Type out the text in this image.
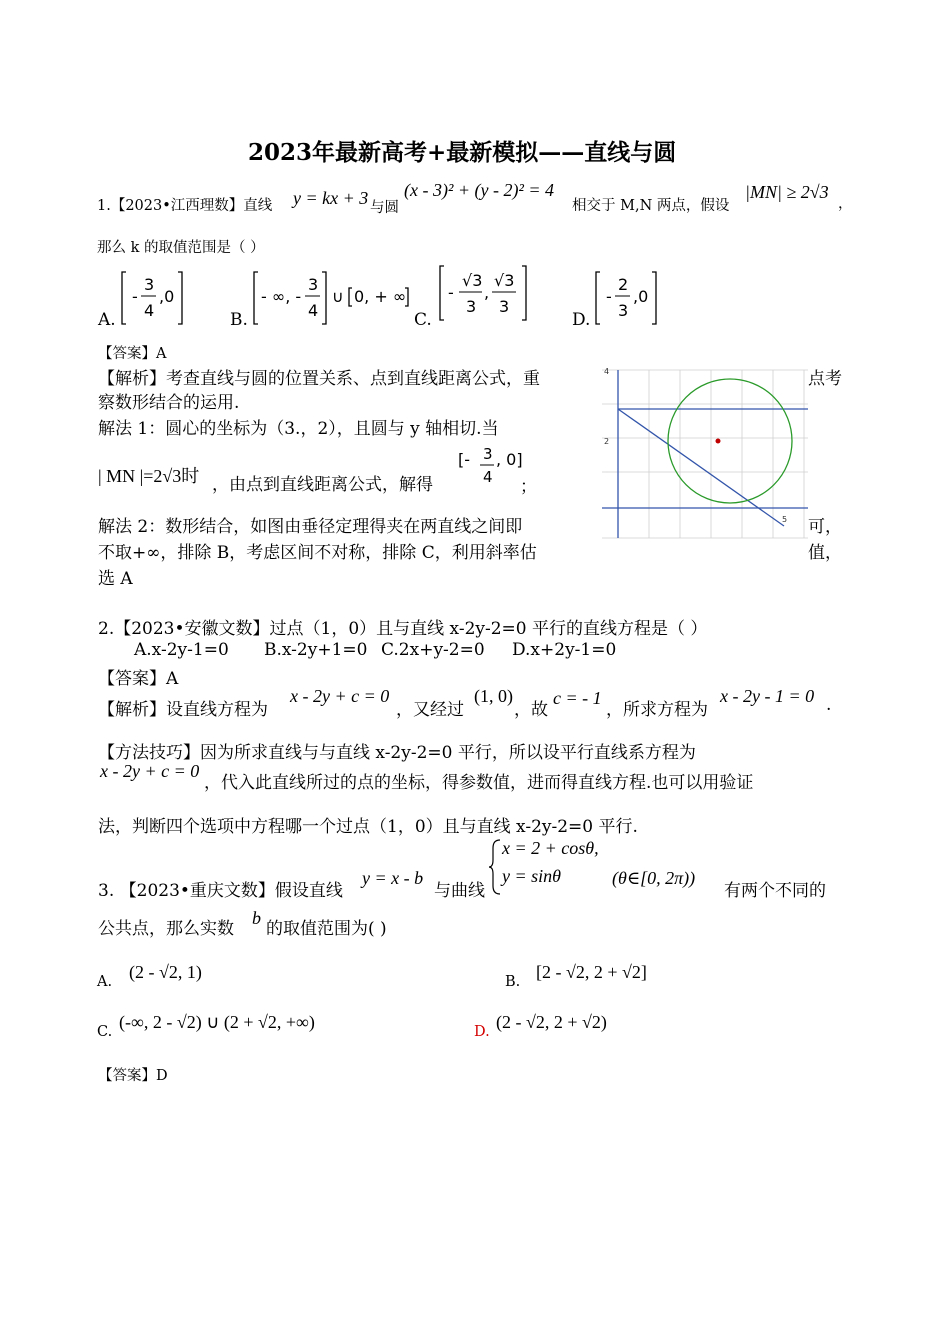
2023年最新高考+最新模拟——直线与圆
1.【2023•江西理数】直线 y = kx + 3 与圆
(x - 3)² + (y - 2)² = 4
相交于 M,N 两点，假设
|MN| ≥ 2√3
，
那么 k 的取值范围是（ ）
A.
-
3
4
,0
B.
- ∞, -
3
4
∪ 0, + ∞
C.
-
√3
3
,
√3
3
D.
-
2
3
,0
【答案】A
【解析】考查直线与圆的位置关系、点到直线距离公式，重	点考
察数形结合的运用.
解法 1：圆心的坐标为（3.，2），且圆与 y 轴相切.当
| MN |=2√3时 ，由点到直线距离公式，解得
[- 3
4
, 0]
；
解法 2：数形结合，如图由垂径定理得夹在两直线之间即	可，
不取+∞，排除 B，考虑区间不对称，排除 C，利用斜率估	值，
选 A
4
2
5
2.【2023•安徽文数】过点（1，0）且与直线 x-2y-2=0 平行的直线方程是（ ）
A.x-2y-1=0 B.x-2y+1=0 C.2x+y-2=0 D.x+2y-1=0
【答案】A
【解析】设直线方程为
x - 2y + c = 0
，又经过
(1, 0)
，故
c = - 1
，所求方程为
x - 2y - 1 = 0 .
【方法技巧】因为所求直线与与直线 x-2y-2=0 平行，所以设平行直线系方程为
x - 2y + c = 0
，代入此直线所过的点的坐标，得参数值，进而得直线方程.也可以用验证
法，判断四个选项中方程哪一个过点（1，0）且与直线 x-2y-2=0 平行.
3. 【2023•重庆文数】假设直线
y = x - b
与曲线
x = 2 + cosθ,
y = sinθ	(θ∈[0, 2π))
有两个不同的
公共点，那么实数
b
的取值范围为( )
A. (2 - √2, 1)	B. [2 - √2, 2 + √2]
C. (-∞, 2 - √2) ∪ (2 + √2, +∞)	D. (2 - √2, 2 + √2)
【答案】D
